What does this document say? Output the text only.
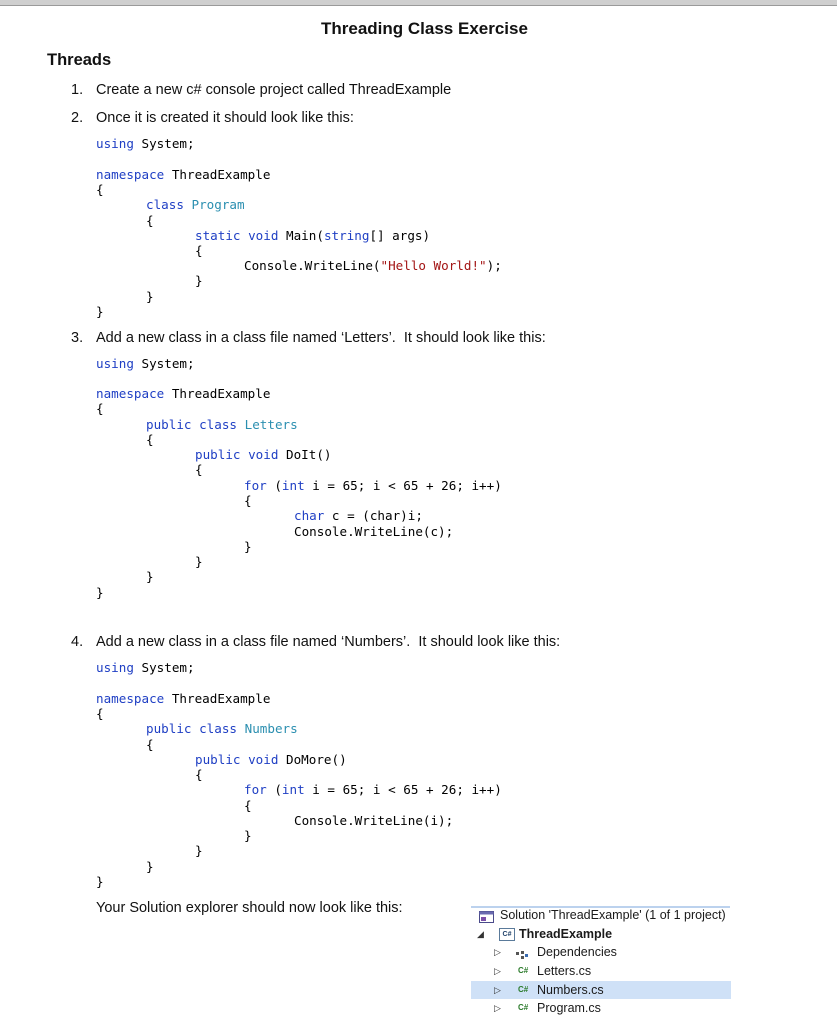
Threading Class Exercise
Threads
1. Create a new c# console project called ThreadExample
2. Once it is created it should look like this:
using System;
namespace ThreadExample
{
class Program
{
static void Main(string[] args)
{
Console.WriteLine("Hello World!");
}
}
}
3. Add a new class in a class file named ‘Letters’.  It should look like this:
using System;
namespace ThreadExample
{
public class Letters
{
public void DoIt()
{
for (int i = 65; i < 65 + 26; i++)
{
char c = (char)i;
Console.WriteLine(c);
}
}
}
}
4. Add a new class in a class file named ‘Numbers’.  It should look like this:
using System;
namespace ThreadExample
{
public class Numbers
{
public void DoMore()
{
for (int i = 65; i < 65 + 26; i++)
{
Console.WriteLine(i);
}
}
}
}
Your Solution explorer should now look like this:	Solution 'ThreadExample' (1 of 1 project)
◢	C# ThreadExample
▷	Dependencies
▷ C# Letters.cs
▷ C# Numbers.cs
▷ C# Program.cs
